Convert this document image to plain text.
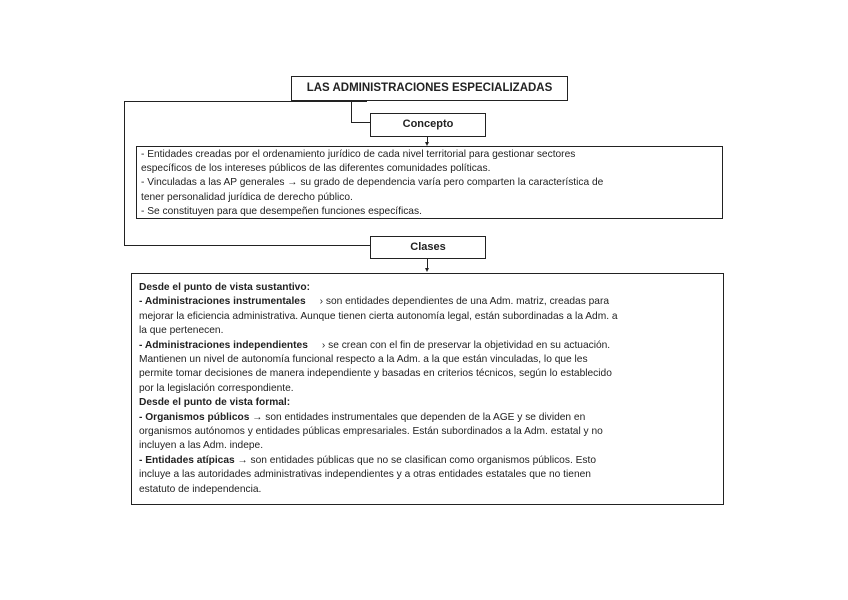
LAS ADMINISTRACIONES ESPECIALIZADAS
Concepto
- Entidades creadas por el ordenamiento jurídico de cada nivel territorial para gestionar sectores
específicos de los intereses públicos de las diferentes comunidades políticas.
- Vinculadas a las AP generales → su grado de dependencia varía pero comparten la característica de
tener personalidad jurídica de derecho público.
- Se constituyen para que desempeñen funciones específicas.
Clases
Desde el punto de vista sustantivo:
- Administraciones instrumentales › son entidades dependientes de una Adm. matriz, creadas para
mejorar la eficiencia administrativa. Aunque tienen cierta autonomía legal, están subordinadas a la Adm. a
la que pertenecen.
- Administraciones independientes › se crean con el fin de preservar la objetividad en su actuación.
Mantienen un nivel de autonomía funcional respecto a la Adm. a la que están vinculadas, lo que les
permite tomar decisiones de manera independiente y basadas en criterios técnicos, según lo establecido
por la legislación correspondiente.
Desde el punto de vista formal:
- Organismos públicos → son entidades instrumentales que dependen de la AGE y se dividen en
organismos autónomos y entidades públicas empresariales. Están subordinados a la Adm. estatal y no
incluyen a las Adm. indepe.
- Entidades atípicas → son entidades públicas que no se clasifican como organismos públicos. Esto
incluye a las autoridades administrativas independientes y a otras entidades estatales que no tienen
estatuto de independencia.
